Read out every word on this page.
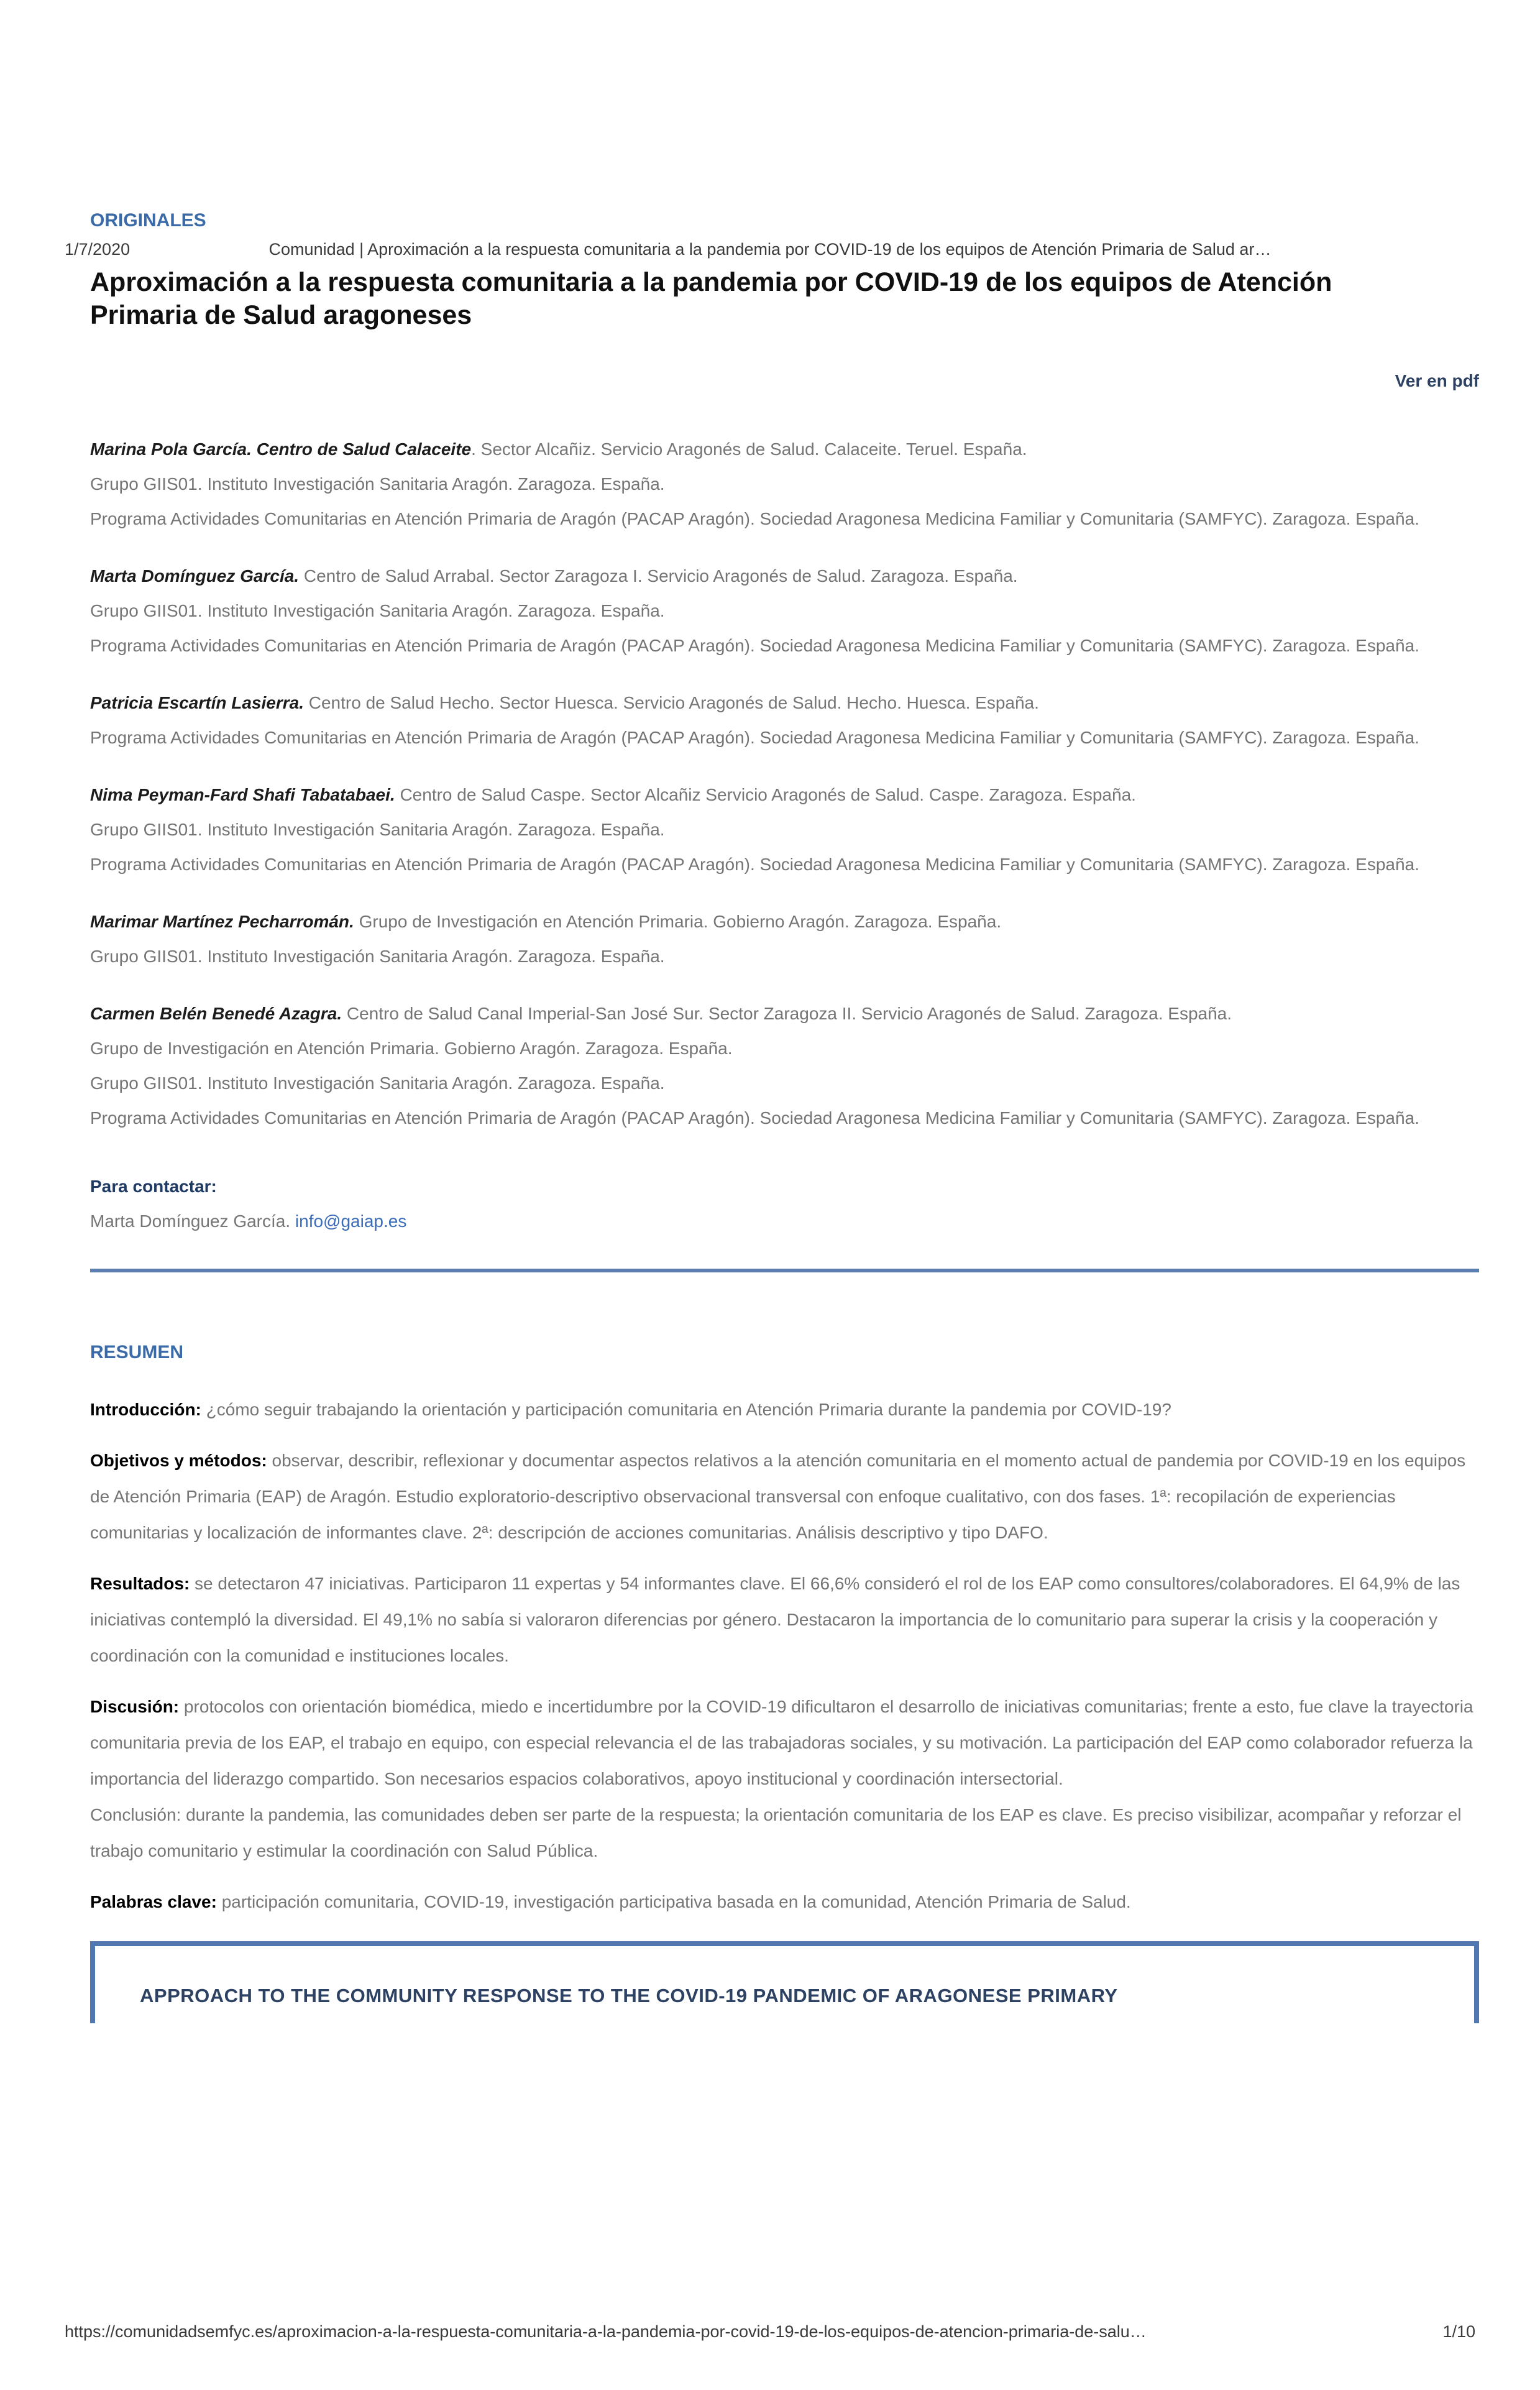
1/7/2020	Comunidad | Aproximación a la respuesta comunitaria a la pandemia por COVID-19 de los equipos de Atención Primaria de Salud ar…
ORIGINALES
Aproximación a la respuesta comunitaria a la pandemia por COVID-19 de los equipos de Atención Primaria de Salud aragoneses
Ver en pdf

Marina Pola García. Centro de Salud Calaceite. Sector Alcañiz. Servicio Aragonés de Salud. Calaceite. Teruel. España.

Grupo GIIS01. Instituto Investigación Sanitaria Aragón. Zaragoza. España.

Programa Actividades Comunitarias en Atención Primaria de Aragón (PACAP Aragón). Sociedad Aragonesa Medicina Familiar y Comunitaria (SAMFYC). Zaragoza. España.

Marta Domínguez García. Centro de Salud Arrabal. Sector Zaragoza I. Servicio Aragonés de Salud. Zaragoza. España.

Grupo GIIS01. Instituto Investigación Sanitaria Aragón. Zaragoza. España.

Programa Actividades Comunitarias en Atención Primaria de Aragón (PACAP Aragón). Sociedad Aragonesa Medicina Familiar y Comunitaria (SAMFYC). Zaragoza. España.

Patricia Escartín Lasierra. Centro de Salud Hecho. Sector Huesca. Servicio Aragonés de Salud. Hecho. Huesca. España.

Programa Actividades Comunitarias en Atención Primaria de Aragón (PACAP Aragón). Sociedad Aragonesa Medicina Familiar y Comunitaria (SAMFYC). Zaragoza. España.

Nima Peyman-Fard Shafi Tabatabaei. Centro de Salud Caspe. Sector Alcañiz Servicio Aragonés de Salud. Caspe. Zaragoza. España.

Grupo GIIS01. Instituto Investigación Sanitaria Aragón. Zaragoza. España.

Programa Actividades Comunitarias en Atención Primaria de Aragón (PACAP Aragón). Sociedad Aragonesa Medicina Familiar y Comunitaria (SAMFYC). Zaragoza. España.

Marimar Martínez Pecharromán. Grupo de Investigación en Atención Primaria. Gobierno Aragón. Zaragoza. España.

Grupo GIIS01. Instituto Investigación Sanitaria Aragón. Zaragoza. España.

Carmen Belén Benedé Azagra. Centro de Salud Canal Imperial-San José Sur. Sector Zaragoza II. Servicio Aragonés de Salud. Zaragoza. España.

Grupo de Investigación en Atención Primaria. Gobierno Aragón. Zaragoza. España.

Grupo GIIS01. Instituto Investigación Sanitaria Aragón. Zaragoza. España.

Programa Actividades Comunitarias en Atención Primaria de Aragón (PACAP Aragón). Sociedad Aragonesa Medicina Familiar y Comunitaria (SAMFYC). Zaragoza. España.

Para contactar:

Marta Domínguez García. info@gaiap.es

RESUMEN

Introducción: ¿cómo seguir trabajando la orientación y participación comunitaria en Atención Primaria durante la pandemia por COVID-19?

Objetivos y métodos: observar, describir, reflexionar y documentar aspectos relativos a la atención comunitaria en el momento actual de pandemia por COVID-19 en los equipos de Atención Primaria (EAP) de Aragón. Estudio exploratorio-descriptivo observacional transversal con enfoque cualitativo, con dos fases. 1ª: recopilación de experiencias comunitarias y localización de informantes clave. 2ª: descripción de acciones comunitarias. Análisis descriptivo y tipo DAFO.

Resultados: se detectaron 47 iniciativas. Participaron 11 expertas y 54 informantes clave. El 66,6% consideró el rol de los EAP como consultores/colaboradores. El 64,9% de las iniciativas contempló la diversidad. El 49,1% no sabía si valoraron diferencias por género. Destacaron la importancia de lo comunitario para superar la crisis y la cooperación y coordinación con la comunidad e instituciones locales.

Discusión: protocolos con orientación biomédica, miedo e incertidumbre por la COVID-19 dificultaron el desarrollo de iniciativas comunitarias; frente a esto, fue clave la trayectoria comunitaria previa de los EAP, el trabajo en equipo, con especial relevancia el de las trabajadoras sociales, y su motivación. La participación del EAP como colaborador refuerza la importancia del liderazgo compartido. Son necesarios espacios colaborativos, apoyo institucional y coordinación intersectorial.
Conclusión: durante la pandemia, las comunidades deben ser parte de la respuesta; la orientación comunitaria de los EAP es clave. Es preciso visibilizar, acompañar y reforzar el trabajo comunitario y estimular la coordinación con Salud Pública.

Palabras clave: participación comunitaria, COVID-19, investigación participativa basada en la comunidad, Atención Primaria de Salud.

APPROACH TO THE COMMUNITY RESPONSE TO THE COVID-19 PANDEMIC OF ARAGONESE PRIMARY
https://comunidadsemfyc.es/aproximacion-a-la-respuesta-comunitaria-a-la-pandemia-por-covid-19-de-los-equipos-de-atencion-primaria-de-salu…	1/10
